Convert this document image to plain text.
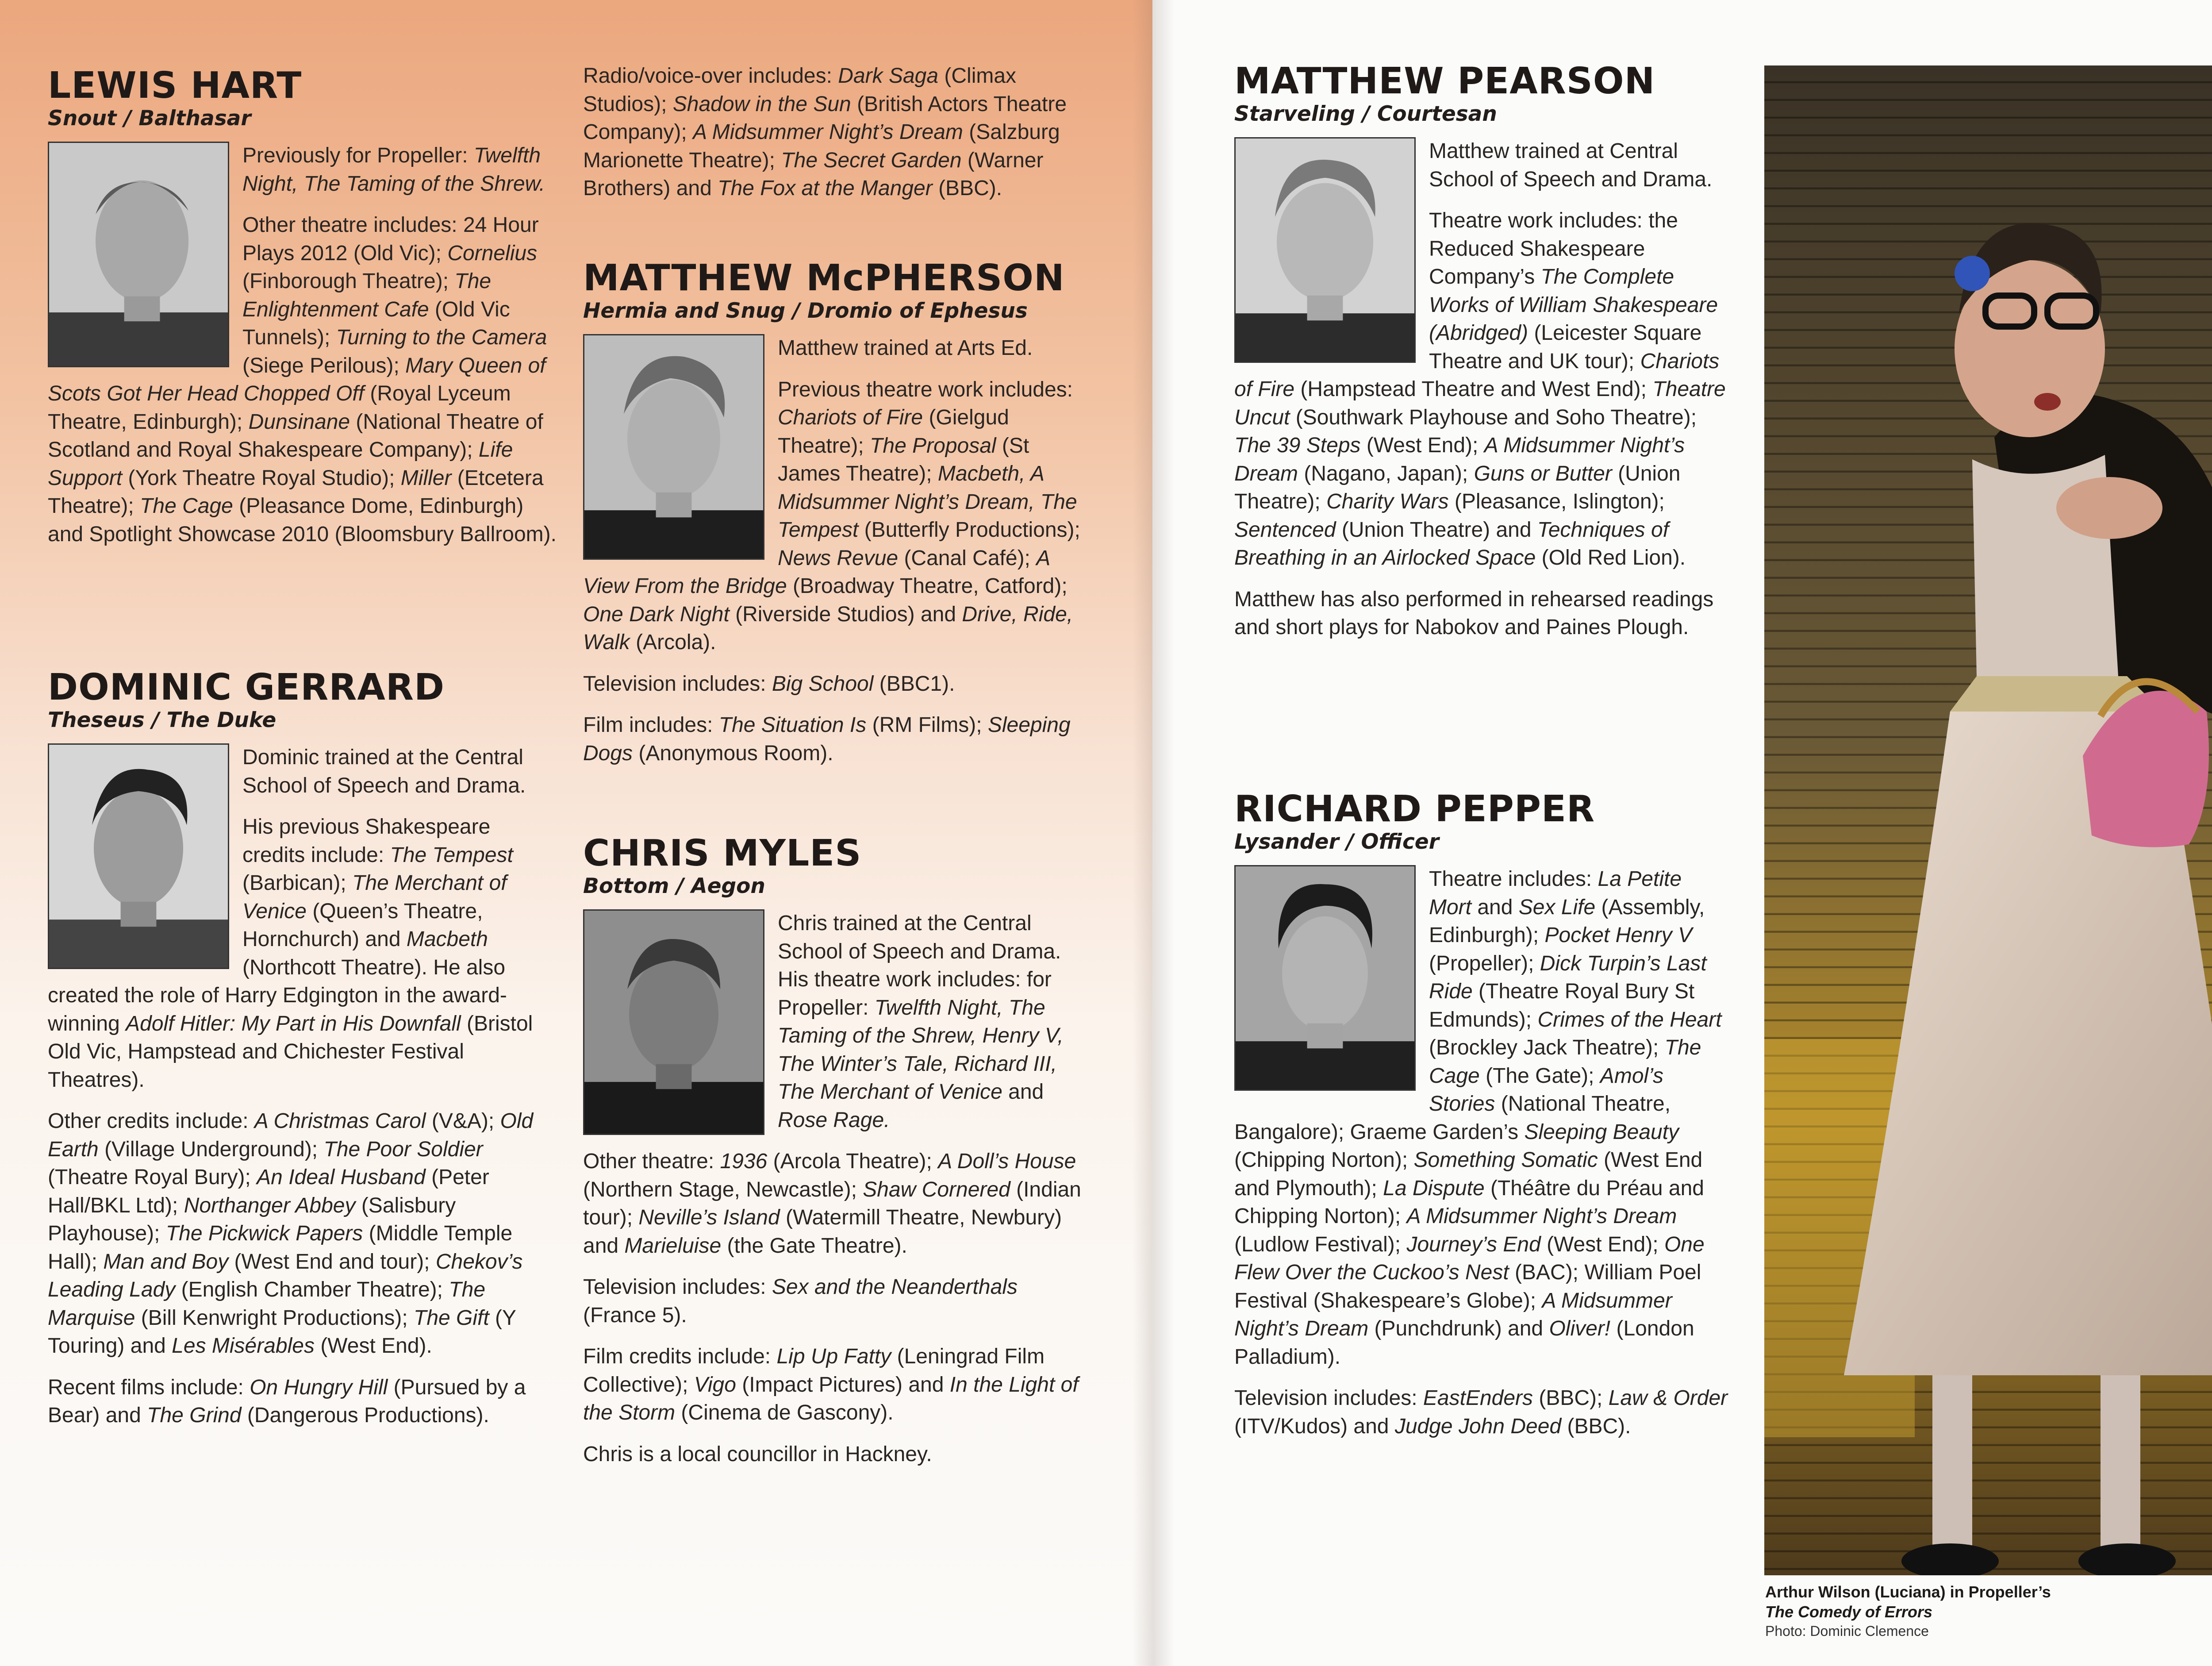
LEWIS HART
Snout / Balthasar

Previously for Propeller: Twelfth Night, The Taming of the Shrew.

Other theatre includes: 24 Hour Plays 2012 (Old Vic); Cornelius (Finborough Theatre); The Enlightenment Cafe (Old Vic Tunnels); Turning to the Camera (Siege Perilous); Mary Queen of Scots Got Her Head Chopped Off (Royal Lyceum Theatre, Edinburgh); Dunsinane (National Theatre of Scotland and Royal Shakespeare Company); Life Support (York Theatre Royal Studio); Miller (Etcetera Theatre); The Cage (Pleasance Dome, Edinburgh) and Spotlight Showcase 2010 (Bloomsbury Ballroom).

DOMINIC GERRARD
Theseus / The Duke

Dominic trained at the Central School of Speech and Drama.

His previous Shakespeare credits include: The Tempest (Barbican); The Merchant of Venice (Queen’s Theatre, Hornchurch) and Macbeth (Northcott Theatre). He also created the role of Harry Edgington in the award-winning Adolf Hitler: My Part in His Downfall (Bristol Old Vic, Hampstead and Chichester Festival Theatres).

Other credits include: A Christmas Carol (V&A); Old Earth (Village Underground); The Poor Soldier (Theatre Royal Bury); An Ideal Husband (Peter Hall/BKL Ltd); Northanger Abbey (Salisbury Playhouse); The Pickwick Papers (Middle Temple Hall); Man and Boy (West End and tour); Chekov’s Leading Lady (English Chamber Theatre); The Marquise (Bill Kenwright Productions); The Gift (Y Touring) and Les Misérables (West End).

Recent films include: On Hungry Hill (Pursued by a Bear) and The Grind (Dangerous Productions).

Radio/voice-over includes: Dark Saga (Climax Studios); Shadow in the Sun (British Actors Theatre Company); A Midsummer Night’s Dream (Salzburg Marionette Theatre); The Secret Garden (Warner Brothers) and The Fox at the Manger (BBC).

MATTHEW McPHERSON
Hermia and Snug / Dromio of Ephesus

Matthew trained at Arts Ed.

Previous theatre work includes: Chariots of Fire (Gielgud Theatre); The Proposal (St James Theatre); Macbeth, A Midsummer Night’s Dream, The Tempest (Butterfly Productions); News Revue (Canal Café); A View From the Bridge (Broadway Theatre, Catford); One Dark Night (Riverside Studios) and Drive, Ride, Walk (Arcola).

Television includes: Big School (BBC1).

Film includes: The Situation Is (RM Films); Sleeping Dogs (Anonymous Room).

CHRIS MYLES
Bottom / Aegon

Chris trained at the Central School of Speech and Drama. His theatre work includes: for Propeller: Twelfth Night, The Taming of the Shrew, Henry V, The Winter’s Tale, Richard III, The Merchant of Venice and Rose Rage.

Other theatre: 1936 (Arcola Theatre); A Doll’s House (Northern Stage, Newcastle); Shaw Cornered (Indian tour); Neville’s Island (Watermill Theatre, Newbury) and Marieluise (the Gate Theatre).

Television includes: Sex and the Neanderthals (France 5).

Film credits include: Lip Up Fatty (Leningrad Film Collective); Vigo (Impact Pictures) and In the Light of the Storm (Cinema de Gascony).

Chris is a local councillor in Hackney.

MATTHEW PEARSON
Starveling / Courtesan

Matthew trained at Central School of Speech and Drama.

Theatre work includes: the Reduced Shakespeare Company’s The Complete Works of William Shakespeare (Abridged) (Leicester Square Theatre and UK tour); Chariots of Fire (Hampstead Theatre and West End); Theatre Uncut (Southwark Playhouse and Soho Theatre); The 39 Steps (West End); A Midsummer Night’s Dream (Nagano, Japan); Guns or Butter (Union Theatre); Charity Wars (Pleasance, Islington); Sentenced (Union Theatre) and Techniques of Breathing in an Airlocked Space (Old Red Lion).

Matthew has also performed in rehearsed readings and short plays for Nabokov and Paines Plough.

RICHARD PEPPER
Lysander / Officer

Theatre includes: La Petite Mort and Sex Life (Assembly, Edinburgh); Pocket Henry V (Propeller); Dick Turpin’s Last Ride (Theatre Royal Bury St Edmunds); Crimes of the Heart (Brockley Jack Theatre); The Cage (The Gate); Amol’s Stories (National Theatre, Bangalore); Graeme Garden’s Sleeping Beauty (Chipping Norton); Something Somatic (West End and Plymouth); La Dispute (Théâtre du Préau and Chipping Norton); A Midsummer Night’s Dream (Ludlow Festival); Journey’s End (West End); One Flew Over the Cuckoo’s Nest (BAC); William Poel Festival (Shakespeare’s Globe); A Midsummer Night’s Dream (Punchdrunk) and Oliver! (London Palladium).

Television includes: EastEnders (BBC); Law & Order (ITV/Kudos) and Judge John Deed (BBC).

Arthur Wilson (Luciana) in Propeller’s
The Comedy of Errors
Photo: Dominic Clemence
